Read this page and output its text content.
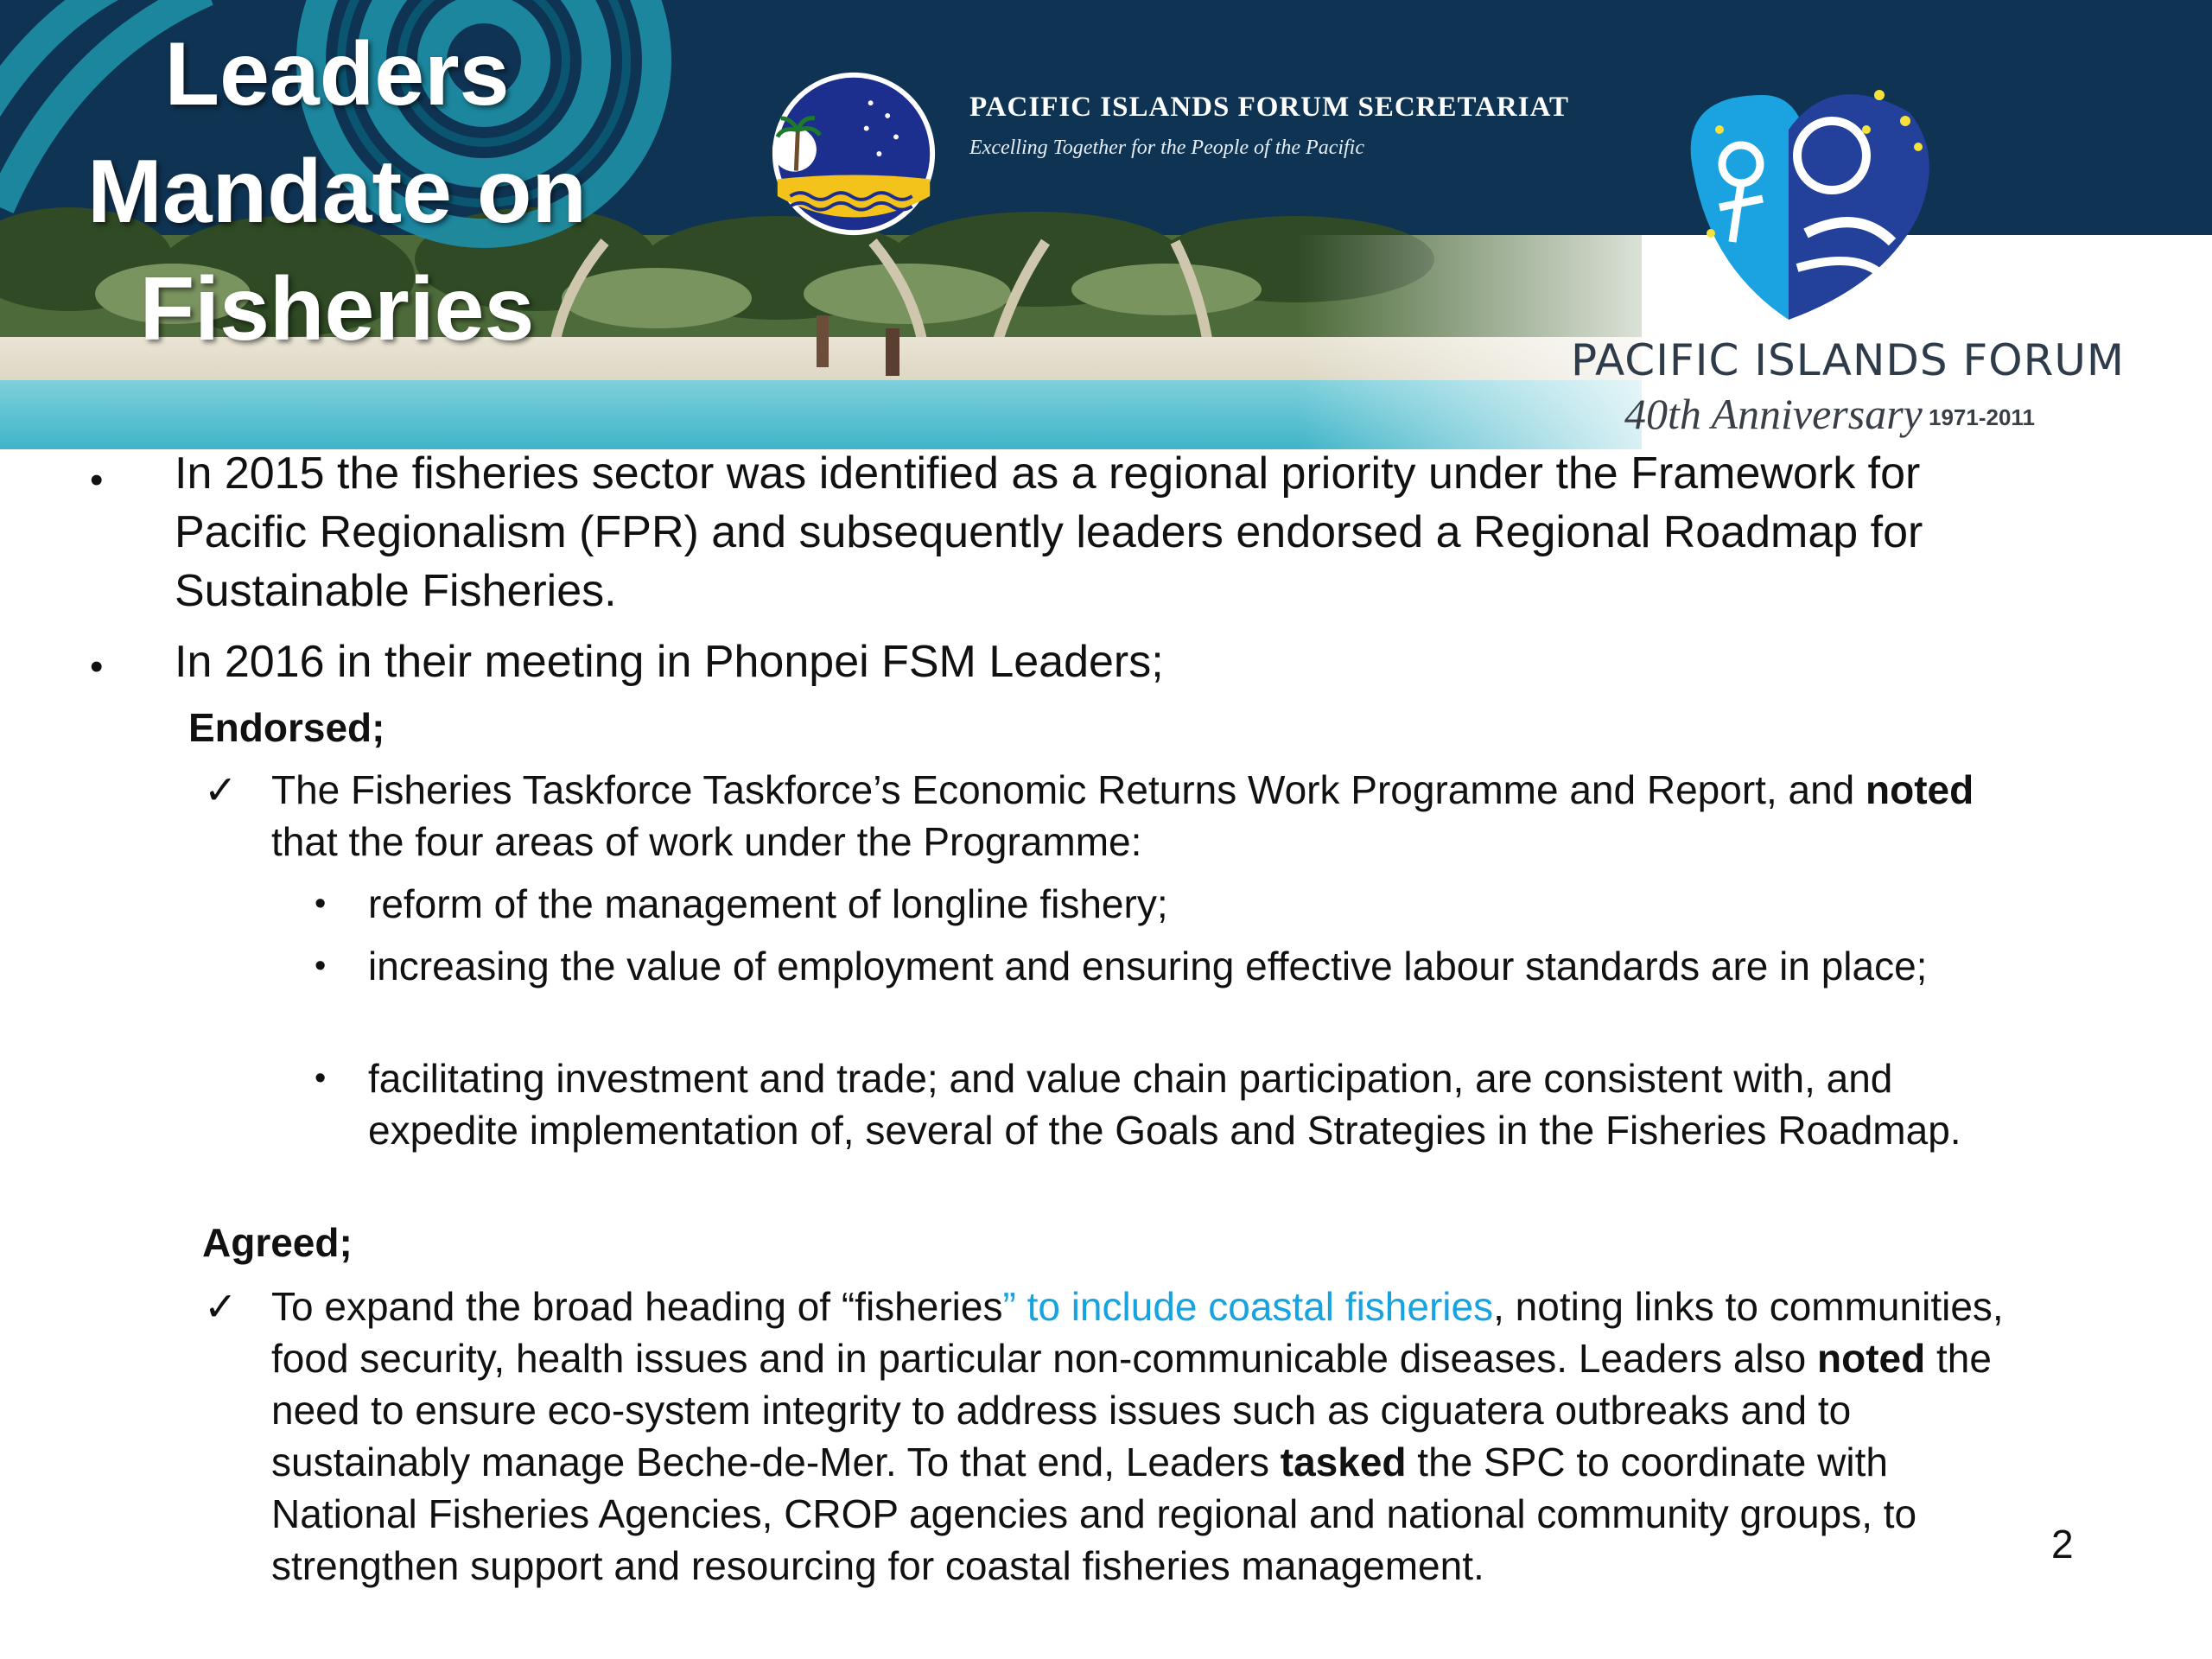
Leaders
Mandate on
Fisheries
PACIFIC ISLANDS FORUM SECRETARIAT
Excelling Together for the People of the Pacific
PACIFIC ISLANDS FORUM
40th Anniversary 1971-2011
• In 2015 the fisheries sector was identified as a regional priority under the Framework for Pacific Regionalism (FPR) and subsequently leaders endorsed a Regional Roadmap for Sustainable Fisheries.
• In 2016 in their meeting in Phonpei FSM Leaders;
Endorsed;
✓ The Fisheries Taskforce Taskforce’s Economic Returns Work Programme and Report, and noted that the four areas of work under the Programme:
• reform of the management of longline fishery;
• increasing the value of employment and ensuring effective labour standards are in place;
• facilitating investment and trade; and value chain participation, are consistent with, and expedite implementation of, several of the Goals and Strategies in the Fisheries Roadmap.
Agreed;
✓ To expand the broad heading of “fisheries” to include coastal fisheries, noting links to communities, food security, health issues and in particular non-communicable diseases. Leaders also noted the need to ensure eco-system integrity to address issues such as ciguatera outbreaks and to sustainably manage Beche-de-Mer. To that end, Leaders tasked the SPC to coordinate with National Fisheries Agencies, CROP agencies and regional and national community groups, to strengthen support and resourcing for coastal fisheries management.	2
